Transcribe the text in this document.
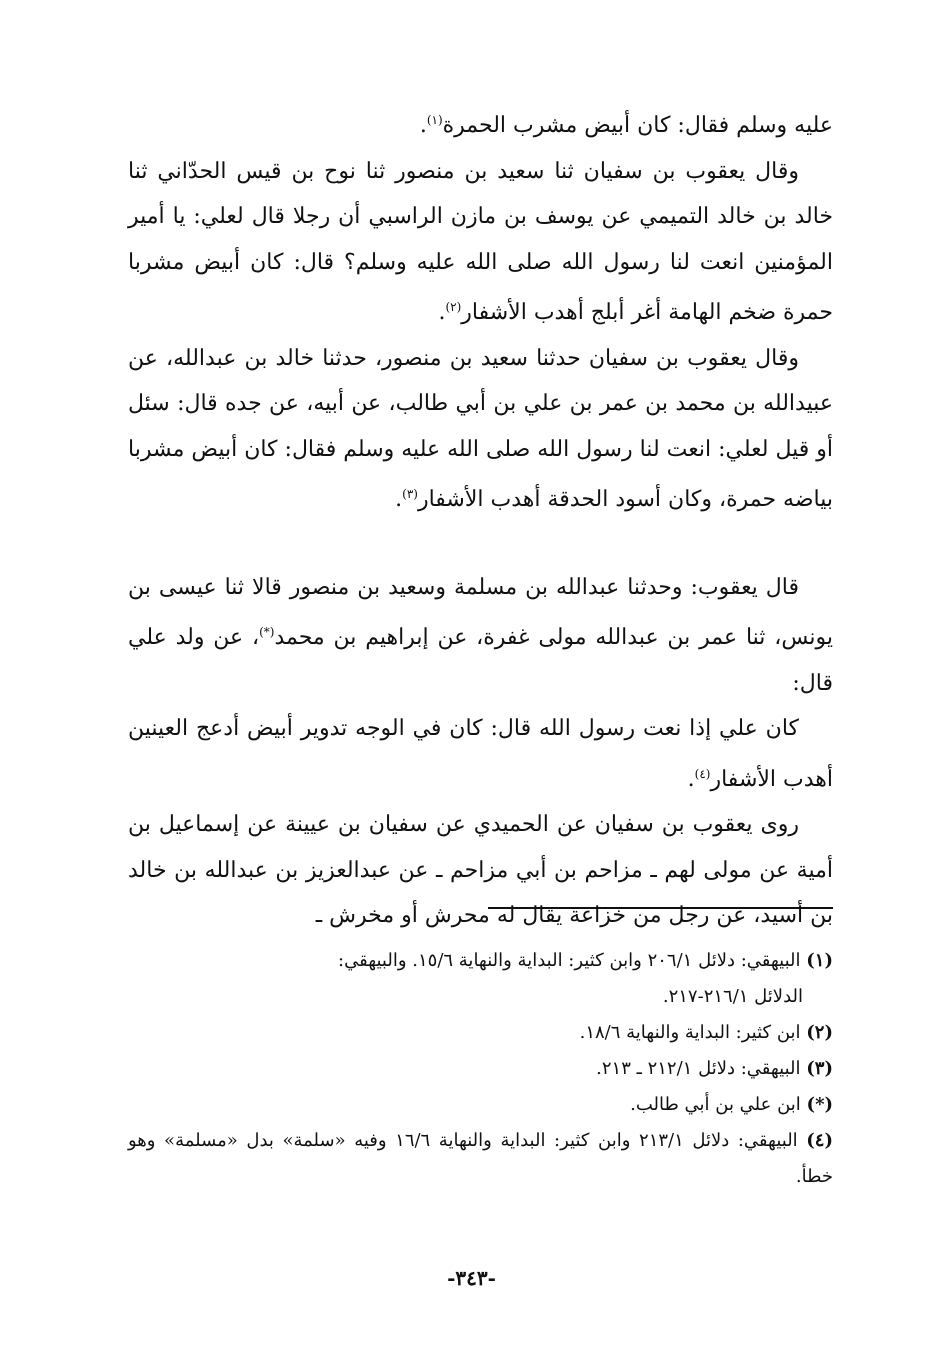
عليه وسلم فقال: كان أبيض مشرب الحمرة$^{(١)}$.

وقال يعقوب بن سفيان ثنا سعيد بن منصور ثنا نوح بن قيس الحدّاني ثنا خالد بن خالد التميمي عن يوسف بن مازن الراسبي أن رجلا قال لعلي: يا أمير المؤمنين انعت لنا رسول الله صلى الله عليه وسلم؟ قال: كان أبيض مشربا حمرة ضخم الهامة أغر أبلج أهدب الأشفار$^{(٢)}$.

وقال يعقوب بن سفيان حدثنا سعيد بن منصور، حدثنا خالد بن عبدالله، عن عبيدالله بن محمد بن عمر بن علي بن أبي طالب، عن أبيه، عن جده قال: سئل أو قيل لعلي: انعت لنا رسول الله صلى الله عليه وسلم فقال: كان أبيض مشربا بياضه حمرة، وكان أسود الحدقة أهدب الأشفار$^{(٣)}$.

قال يعقوب: وحدثنا عبدالله بن مسلمة وسعيد بن منصور قالا ثنا عيسى بن يونس، ثنا عمر بن عبدالله مولى غفرة، عن إبراهيم بن محمد(*)، عن ولد علي قال:

كان علي إذا نعت رسول الله قال: كان في الوجه تدوير أبيض أدعج العينين أهدب الأشفار$^{(٤)}$.

روى يعقوب بن سفيان عن الحميدي عن سفيان بن عيينة عن إسماعيل بن أمية عن مولى لهم ـ مزاحم بن أبي مزاحم ـ عن عبدالعزيز بن عبدالله بن خالد بن أسيد، عن رجل من خزاعة يقال له محرش أو مخرش ـ

(١) البيهقي: دلائل ٢٠٦/١ وابن كثير: البداية والنهاية ١٥/٦. والبيهقي:
الدلائل ٢١٦/١-٢١٧.

(٢) ابن كثير: البداية والنهاية ١٨/٦.

(٣) البيهقي: دلائل ٢١٢/١ ـ ٢١٣.

(*) ابن علي بن أبي طالب.

(٤) البيهقي: دلائل ٢١٣/١ وابن كثير: البداية والنهاية ١٦/٦ وفيه «سلمة» بدل «مسلمة» وهو خطأ.

-٣٤٣-
